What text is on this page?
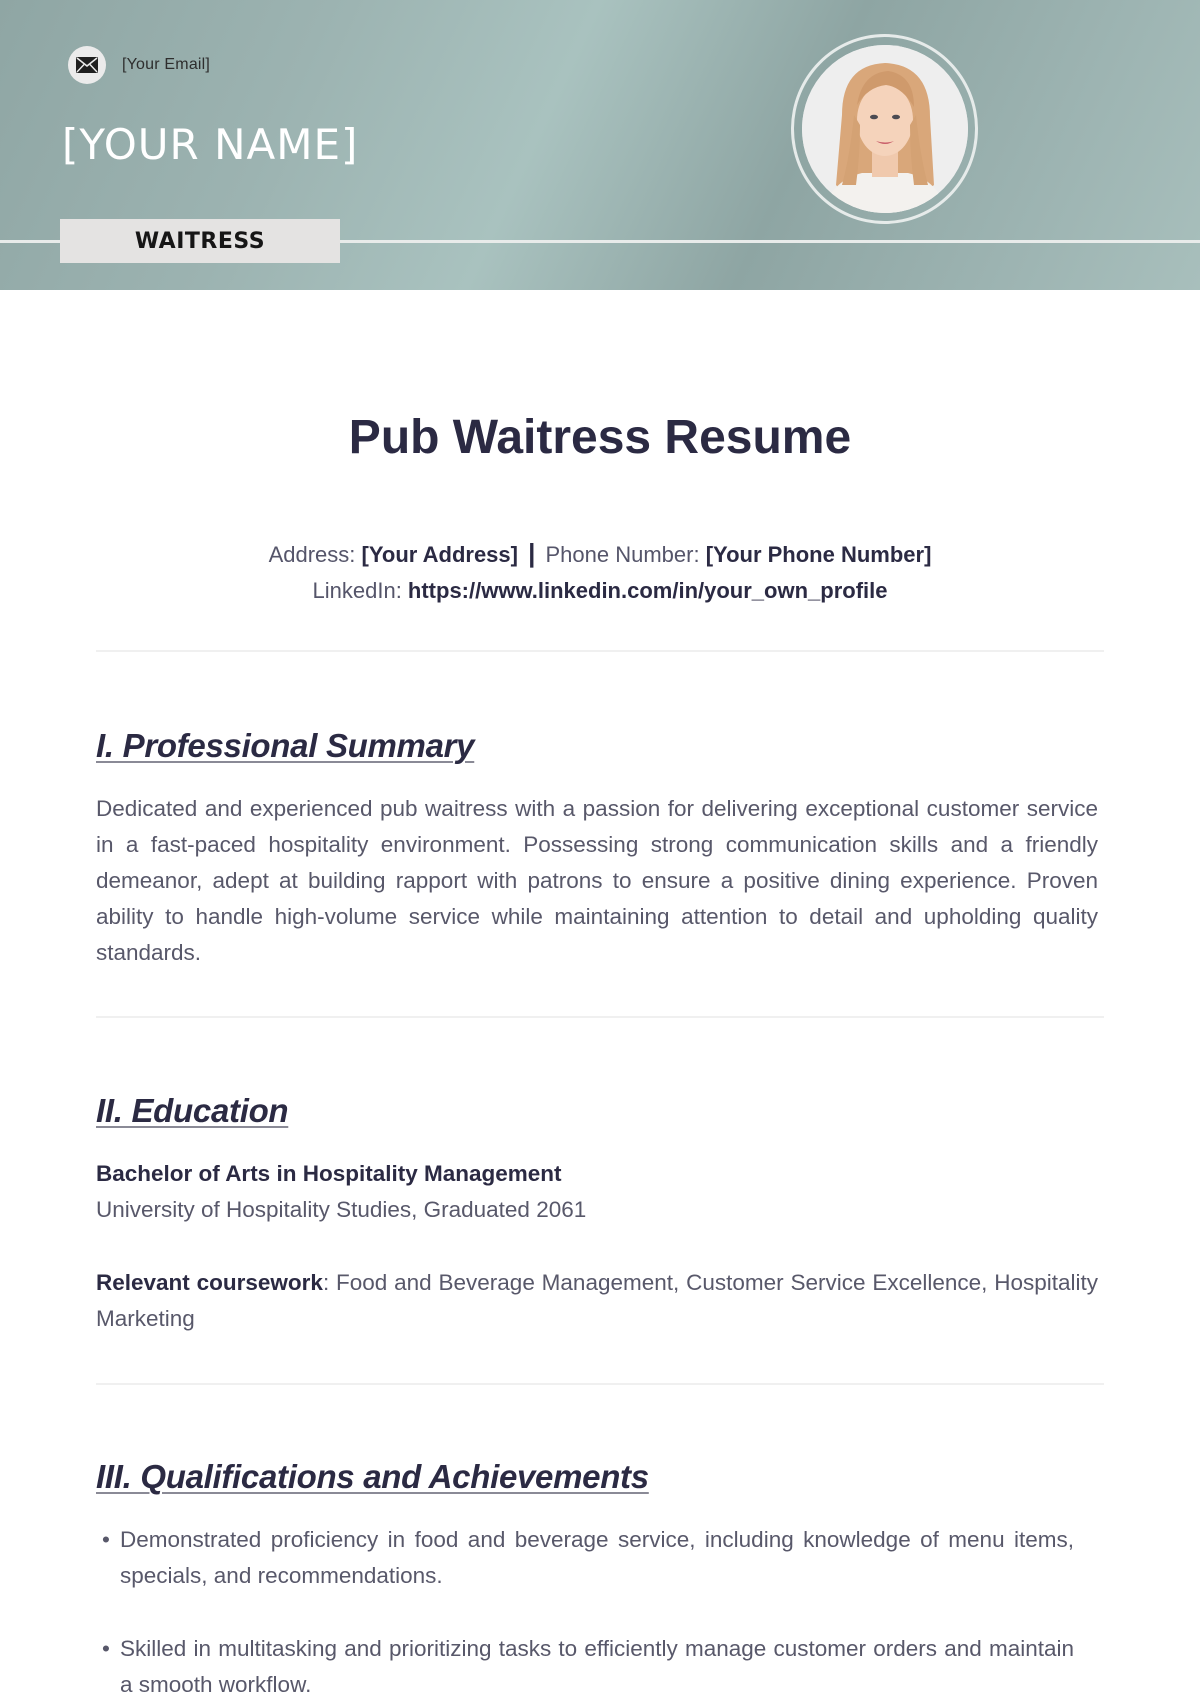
[Your Email]
[YOUR NAME]
WAITRESS
Pub Waitress Resume
Address: [Your Address] | Phone Number: [Your Phone Number]
LinkedIn: https://www.linkedin.com/in/your_own_profile
I. Professional Summary

Dedicated and experienced pub waitress with a passion for delivering exceptional customer service in a fast-paced hospitality environment. Possessing strong communication skills and a friendly demeanor, adept at building rapport with patrons to ensure a positive dining experience. Proven ability to handle high-volume service while maintaining attention to detail and upholding quality standards.

II. Education
Bachelor of Arts in Hospitality Management
University of Hospitality Studies, Graduated 2061

Relevant coursework: Food and Beverage Management, Customer Service Excellence, Hospitality Marketing

III. Qualifications and Achievements
• Demonstrated proficiency in food and beverage service, including knowledge of menu items, specials, and recommendations.
• Skilled in multitasking and prioritizing tasks to efficiently manage customer orders and maintain a smooth workflow.
